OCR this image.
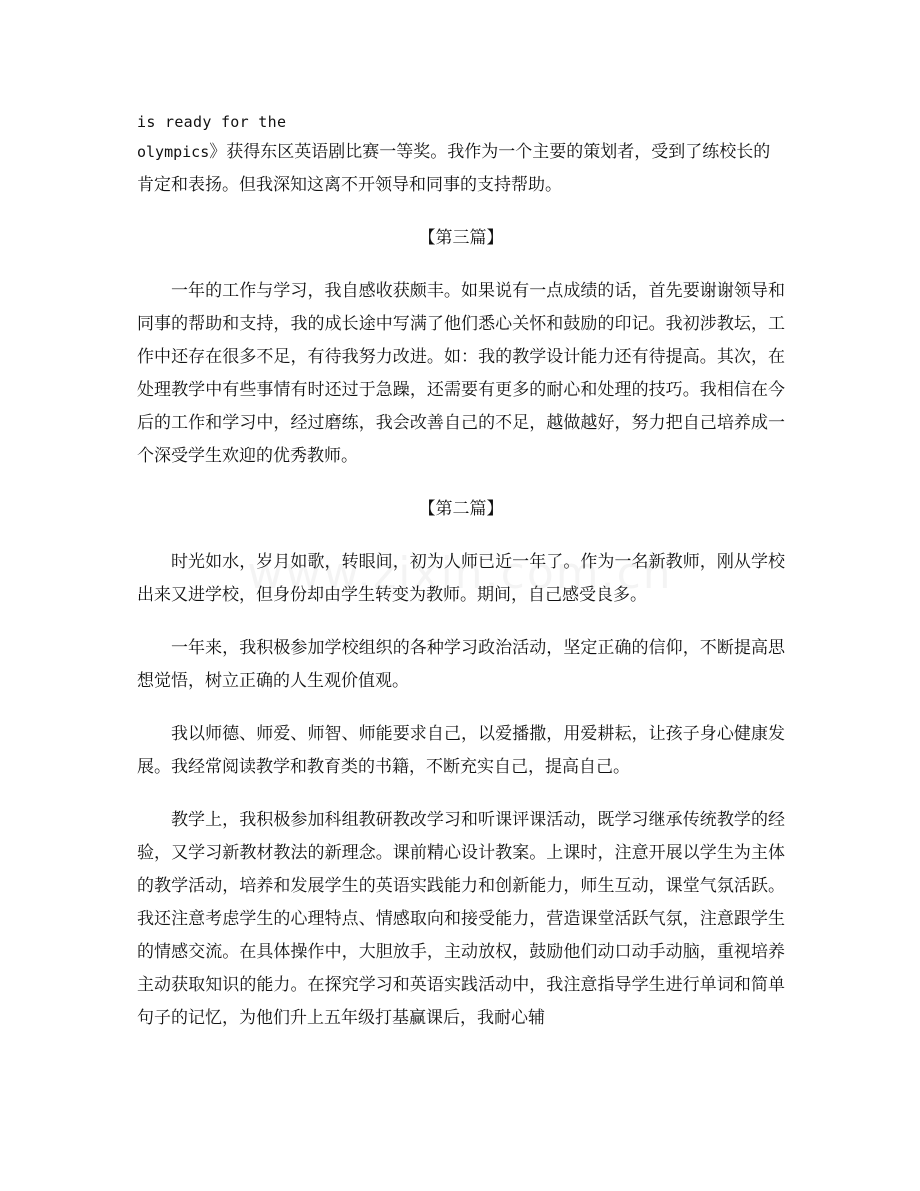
is ready for the

olympics》获得东区英语剧比赛一等奖。我作为一个主要的策划者，受到了练校长的肯定和表扬。但我深知这离不开领导和同事的支持帮助。

【第三篇】

一年的工作与学习，我自感收获颇丰。如果说有一点成绩的话，首先要谢谢领导和同事的帮助和支持，我的成长途中写满了他们悉心关怀和鼓励的印记。我初涉教坛，工作中还存在很多不足，有待我努力改进。如：我的教学设计能力还有待提高。其次，在处理教学中有些事情有时还过于急躁，还需要有更多的耐心和处理的技巧。我相信在今后的工作和学习中，经过磨练，我会改善自己的不足，越做越好，努力把自己培养成一个深受学生欢迎的优秀教师。

【第二篇】

时光如水，岁月如歌，转眼间，初为人师已近一年了。作为一名新教师，刚从学校出来又进学校，但身份却由学生转变为教师。期间，自己感受良多。

一年来，我积极参加学校组织的各种学习政治活动，坚定正确的信仰，不断提高思想觉悟，树立正确的人生观价值观。

我以师德、师爱、师智、师能要求自己，以爱播撒，用爱耕耘，让孩子身心健康发展。我经常阅读教学和教育类的书籍，不断充实自己，提高自己。

教学上，我积极参加科组教研教改学习和听课评课活动，既学习继承传统教学的经验，又学习新教材教法的新理念。课前精心设计教案。上课时，注意开展以学生为主体的教学活动，培养和发展学生的英语实践能力和创新能力，师生互动，课堂气氛活跃。我还注意考虑学生的心理特点、情感取向和接受能力，营造课堂活跃气氛，注意跟学生的情感交流。在具体操作中，大胆放手，主动放权，鼓励他们动口动手动脑，重视培养主动获取知识的能力。在探究学习和英语实践活动中，我注意指导学生进行单词和简单句子的记忆，为他们升上五年级打基赢课后，我耐心辅
